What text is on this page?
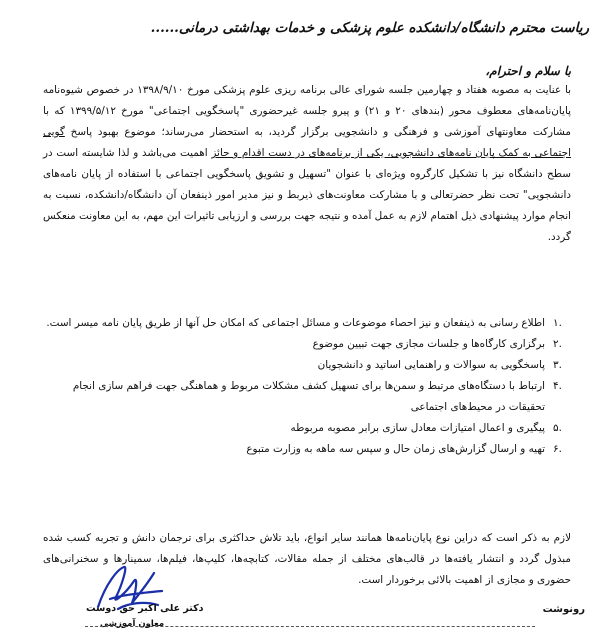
ریاست محترم دانشگاه/دانشکده علوم پزشکی و خدمات بهداشتی درمانی......
با سلام و احترام،

با عنایت به مصوبه هفتاد و چهارمین جلسه شورای عالی برنامه ریزی علوم پزشکی مورخ ۱۳۹۸/۹/۱۰ در خصوص شیوه‌نامه پایان‌نامه‌های معطوف محور (بندهای ۲۰ و ۲۱) و پیرو جلسه غیرحضوری "پاسخگویی اجتماعی" مورخ ۱۳۹۹/۵/۱۲ که با مشارکت معاونتهای آموزشی و فرهنگی و دانشجویی برگزار گردید، به استحضار می‌رساند؛ موضوع بهبود پاسخ گویی اجتماعی به کمک پایان نامه‌های دانشجویی، یکی از برنامه‌های در دست اقدام و حائز اهمیت می‌باشد و لذا شایسته است در سطح دانشگاه نیز با تشکیل کارگروه ویژه‌ای با عنوان "تسهیل و تشویق پاسخگویی اجتماعی با استفاده از پایان نامه‌های دانشجویی" تحت نظر حضرتعالی و با مشارکت معاونت‌های ذیربط و نیز مدیر امور ذینفعان آن دانشگاه/دانشکده، نسبت به انجام موارد پیشنهادی ذیل اهتمام لازم به عمل آمده و نتیجه جهت بررسی و ارزیابی تاثیرات این مهم، به این معاونت منعکس گردد.

.۱
اطلاع رسانی به ذینفعان و نیز احصاء موضوعات و مسائل اجتماعی که امکان حل آنها از طریق پایان نامه میسر است.
.۲
برگزاری کارگاه‌ها و جلسات مجازی جهت تبیین موضوع
.۳
پاسخگویی به سوالات و راهنمایی اساتید و دانشجویان
.۴
ارتباط با دستگاه‌های مرتبط و سمن‌ها برای تسهیل کشف مشکلات مربوط و هماهنگی جهت فراهم سازی انجام تحقیقات در محیط‌های اجتماعی
.۵
پیگیری و اعمال امتیازات معادل سازی برابر مصوبه مربوطه
.۶
تهیه و ارسال گزارش‌های زمان حال و سپس سه ماهه به وزارت متبوع

لازم به ذکر است که دراین نوع پایان‌نامه‌ها همانند سایر انواع، باید تلاش حداکثری برای ترجمان دانش و تجربه کسب شده مبذول گردد و انتشار یافته‌ها در قالب‌های مختلف از جمله مقالات، کتابچه‌ها، کلیپ‌ها، فیلم‌ها، سمینارها و سخنرانی‌های حضوری و مجازی از اهمیت بالائی برخوردار است.

دکتر علی اکبر حق دوست
معاون آموزشی
رونوشت
